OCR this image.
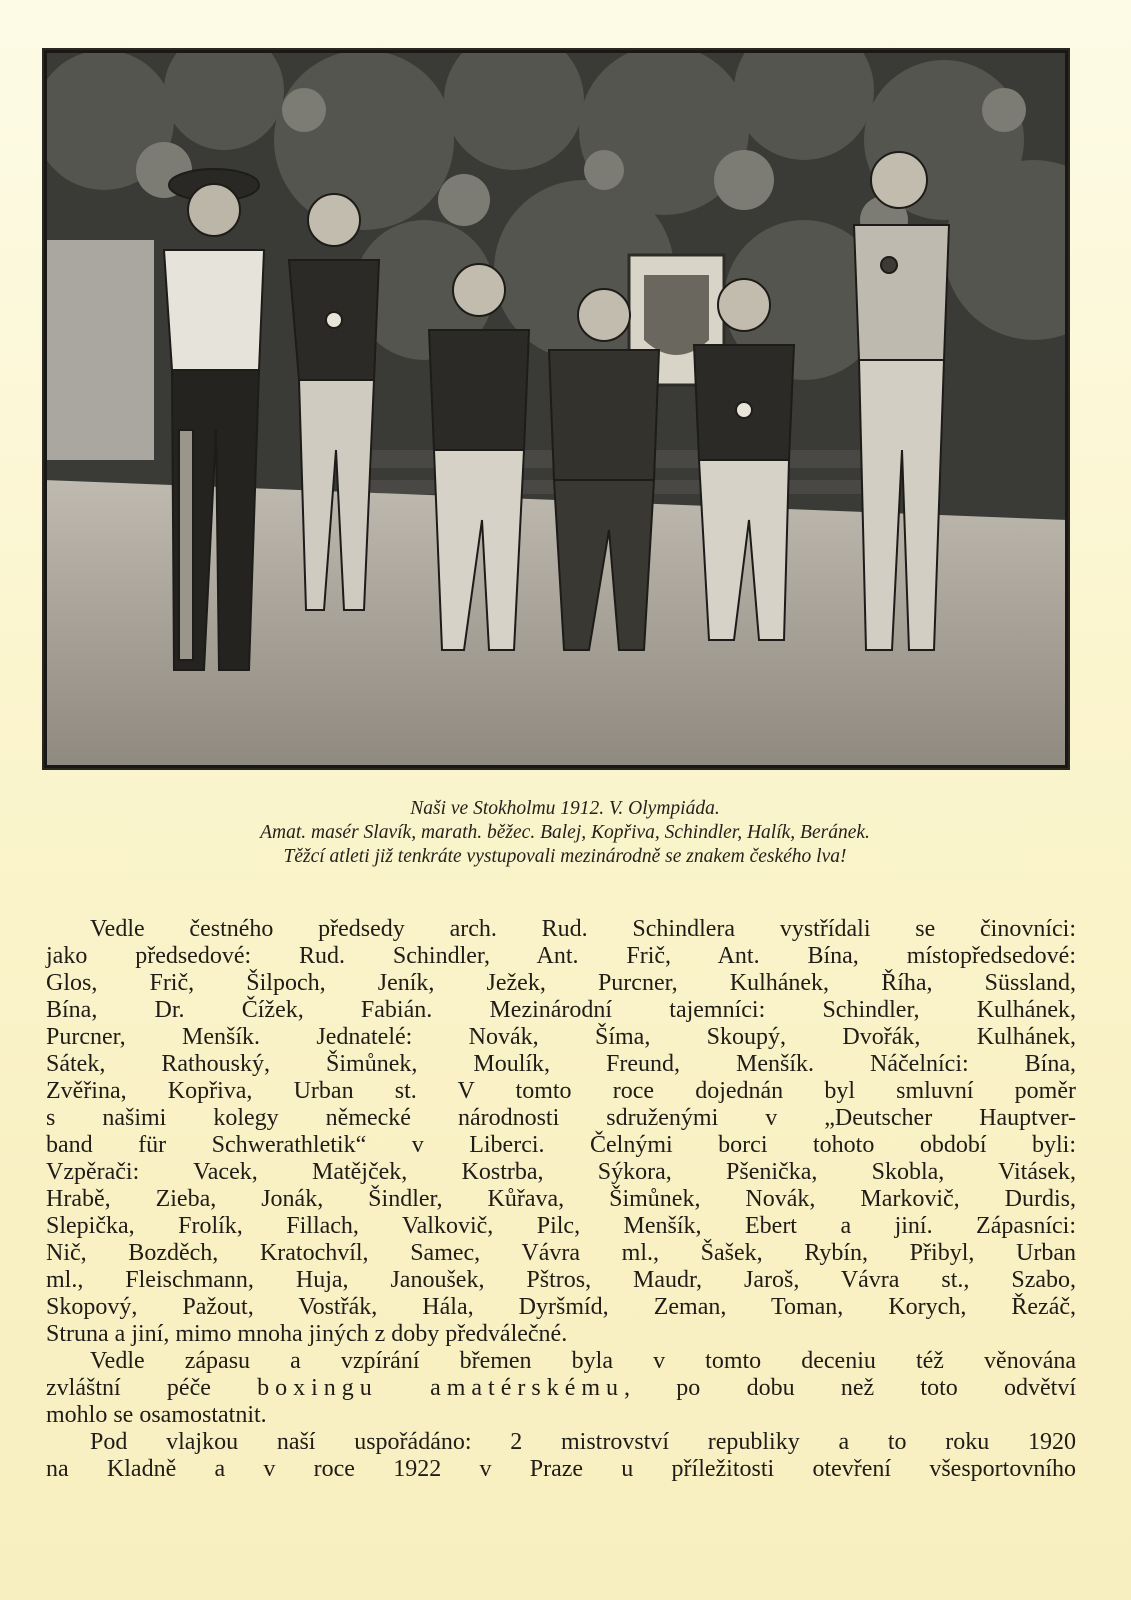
Naši ve Stokholmu 1912. V. Olympiáda.
Amat. masér Slavík, marath. běžec. Balej, Kopřiva, Schindler, Halík, Beránek.
Těžcí atleti již tenkráte vystupovali mezinárodně se znakem českého lva!
Vedle čestného předsedy arch. Rud. Schindlera vystřídali se činovníci:
jako předsedové: Rud. Schindler, Ant. Frič, Ant. Bína, místopředsedové:
Glos, Frič, Šilpoch, Jeník, Ježek, Purcner, Kulhánek, Říha, Süssland,
Bína, Dr. Čížek, Fabián. Mezinárodní tajemníci: Schindler, Kulhánek,
Purcner, Menšík. Jednatelé: Novák, Šíma, Skoupý, Dvořák, Kulhánek,
Sátek, Rathouský, Šimůnek, Moulík, Freund, Menšík. Náčelníci: Bína,
Zvěřina, Kopřiva, Urban st. V tomto roce dojednán byl smluvní poměr
s našimi kolegy německé národnosti sdruženými v „Deutscher Hauptver-
band für Schwerathletik“ v Liberci. Čelnými borci tohoto období byli:
Vzpěrači: Vacek, Matějček, Kostrba, Sýkora, Pšenička, Skobla, Vitásek,
Hrabě, Zieba, Jonák, Šindler, Kůřava, Šimůnek, Novák, Markovič, Durdis,
Slepička, Frolík, Fillach, Valkovič, Pilc, Menšík, Ebert a jiní. Zápasníci:
Nič, Bozděch, Kratochvíl, Samec, Vávra ml., Šašek, Rybín, Přibyl, Urban
ml., Fleischmann, Huja, Janoušek, Pštros, Maudr, Jaroš, Vávra st., Szabo,
Skopový, Pažout, Vostřák, Hála, Dyršmíd, Zeman, Toman, Korych, Řezáč,
Struna a jiní, mimo mnoha jiných z doby předválečné.
Vedle zápasu a vzpírání břemen byla v tomto deceniu též věnována
zvláštní péče boxingu amatérskému, po dobu než toto odvětví
mohlo se osamostatnit.
Pod vlajkou naší uspořádáno: 2 mistrovství republiky a to roku 1920
na Kladně a v roce 1922 v Praze u příležitosti otevření všesportovního
